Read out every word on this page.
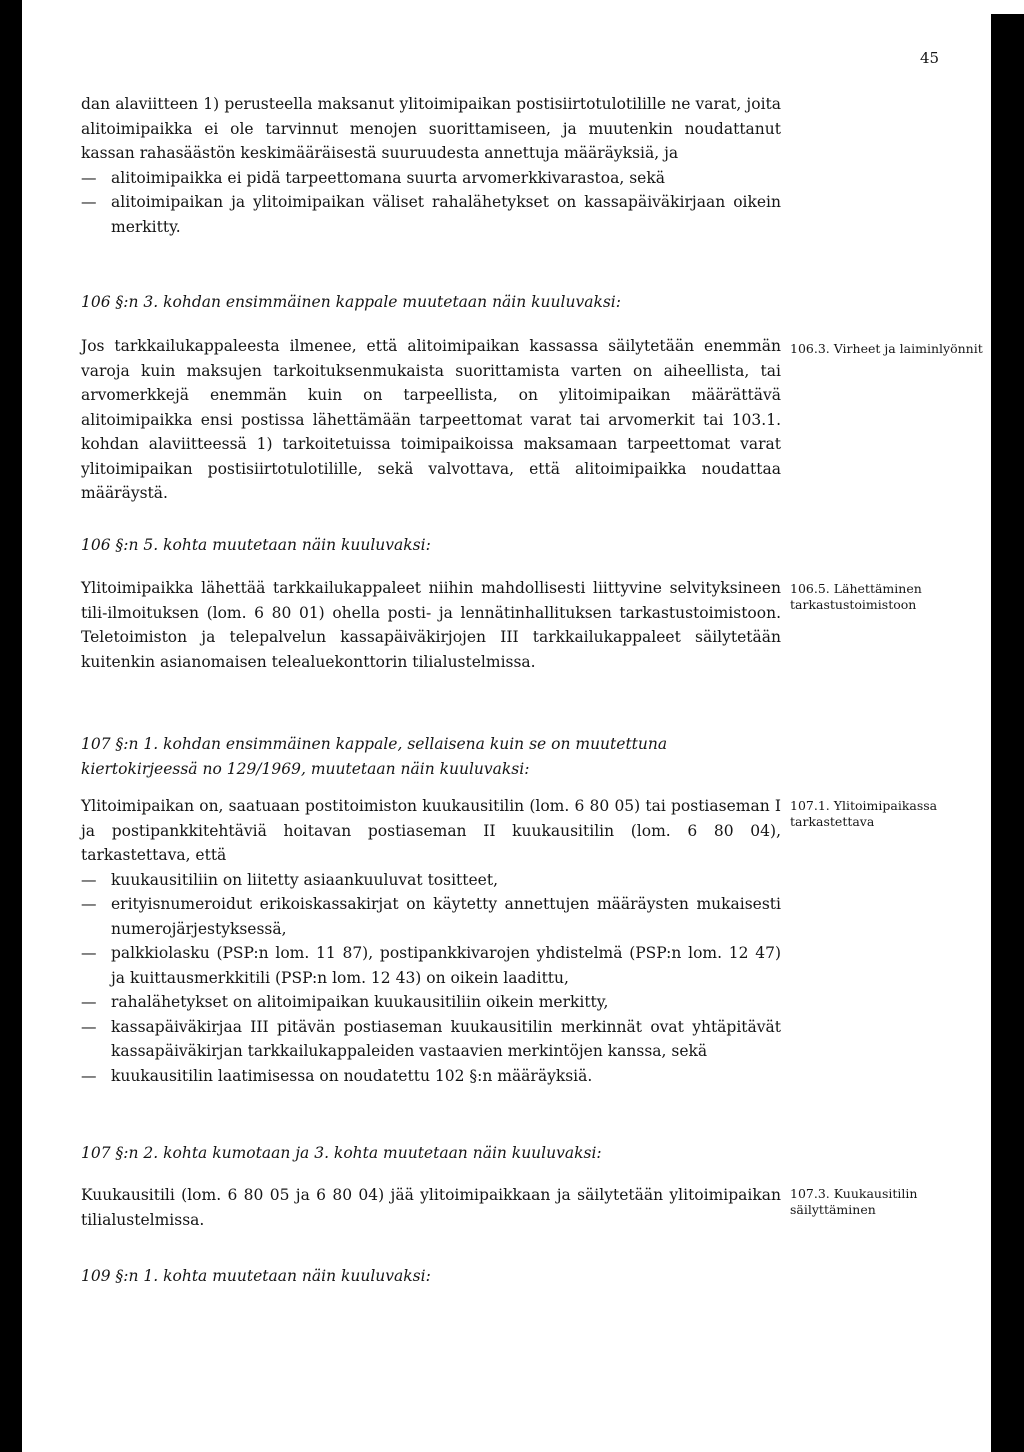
45

dan alaviitteen 1) perusteella maksanut ylitoimipaikan postisiirtotulotilille ne varat, joita alitoimipaikka ei ole tarvinnut menojen suorittamiseen, ja muutenkin noudattanut kassan rahasäästön keskimääräisestä suuruudesta annettuja määräyksiä, ja

— alitoimipaikka ei pidä tarpeettomana suurta arvomerkkivarastoa, sekä
— alitoimipaikan ja ylitoimipaikan väliset rahalähetykset on kassapäiväkirjaan oikein merkitty.
106 §:n 3. kohdan ensimmäinen kappale muutetaan näin kuuluvaksi:

Jos tarkkailukappaleesta ilmenee, että alitoimipaikan kassassa säilytetään enemmän varoja kuin maksujen tarkoituksenmukaista suorittamista varten on aiheellista, tai arvomerkkejä enemmän kuin on tarpeellista, on ylitoimipaikan määrättävä alitoimipaikka ensi postissa lähettämään tarpeettomat varat tai arvomerkit tai 103.1. kohdan alaviitteessä 1) tarkoitetuissa toimipaikoissa maksamaan tarpeettomat varat ylitoimipaikan postisiirtotulotilille, sekä valvottava, että alitoimipaikka noudattaa määräystä.

106.3. Virheet ja laiminlyönnit
106 §:n 5. kohta muutetaan näin kuuluvaksi:

Ylitoimipaikka lähettää tarkkailukappaleet niihin mahdollisesti liittyvine selvityksineen tili-ilmoituksen (lom. 6 80 01) ohella posti- ja lennätinhallituksen tarkastustoimistoon. Teletoimiston ja telepalvelun kassapäiväkirjojen III tarkkailukappaleet säilytetään kuitenkin asianomaisen telealuekonttorin tilialustelmissa.

106.5. Lähettäminen tarkastustoimistoon
107 §:n 1. kohdan ensimmäinen kappale, sellaisena kuin se on muutettuna kiertokirjeessä no 129/1969, muutetaan näin kuuluvaksi:

Ylitoimipaikan on, saatuaan postitoimiston kuukausitilin (lom. 6 80 05) tai postiaseman I ja postipankkitehtäviä hoitavan postiaseman II kuukausitilin (lom. 6 80 04), tarkastettava, että

— kuukausitiliin on liitetty asiaankuuluvat tositteet,
— erityisnumeroidut erikoiskassakirjat on käytetty annettujen määräysten mukaisesti numerojärjestyksessä,
— palkkiolasku (PSP:n lom. 11 87), postipankkivarojen yhdistelmä (PSP:n lom. 12 47) ja kuittausmerkkitili (PSP:n lom. 12 43) on oikein laadittu,
— rahalähetykset on alitoimipaikan kuukausitiliin oikein merkitty,
— kassapäiväkirjaa III pitävän postiaseman kuukausitilin merkinnät ovat yhtäpitävät kassapäiväkirjan tarkkailukappaleiden vastaavien merkintöjen kanssa, sekä
— kuukausitilin laatimisessa on noudatettu 102 §:n määräyksiä.
107.1. Ylitoimipaikassa tarkastettava
107 §:n 2. kohta kumotaan ja 3. kohta muutetaan näin kuuluvaksi:

Kuukausitili (lom. 6 80 05 ja 6 80 04) jää ylitoimipaikkaan ja säilytetään ylitoimipaikan tilialustelmissa.

107.3. Kuukausitilin säilyttäminen
109 §:n 1. kohta muutetaan näin kuuluvaksi:
